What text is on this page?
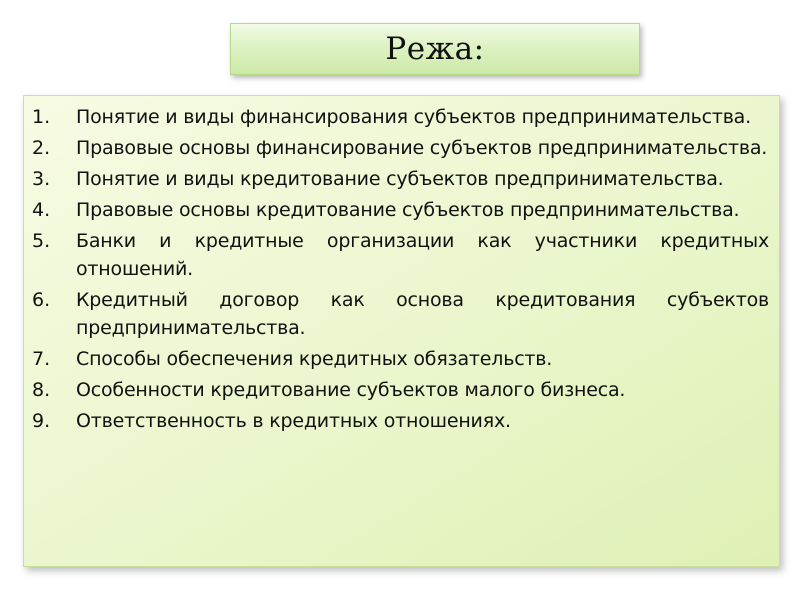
Режа:
1.	Понятие и виды финансирования субъектов предпринимательства.
2.	Правовые основы финансирование субъектов предпринимательства.
3.	Понятие и виды кредитование субъектов предпринимательства.
4.	Правовые основы кредитование субъектов предпринимательства.
5.	Банки и кредитные организации как участники кредитных отношений.
6.	Кредитный договор как основа кредитования субъектов предпринимательства.
7.	Способы обеспечения кредитных обязательств.
8.	Особенности кредитование субъектов малого бизнеса.
9.	Ответственность в кредитных отношениях.
